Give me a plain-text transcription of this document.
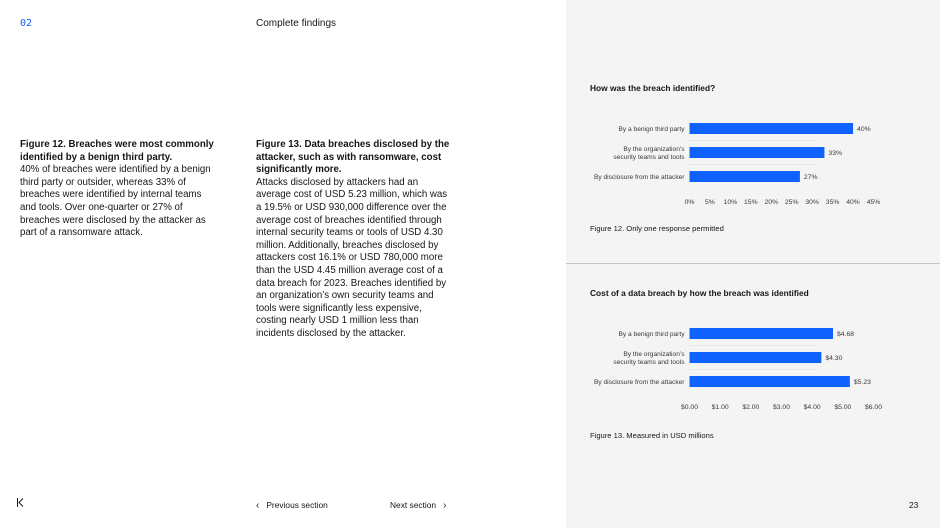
02	Complete findings
Figure 12. Breaches were most commonly identified by a benign third party.
40% of breaches were identified by a benign third party or outsider, whereas 33% of breaches were identified by internal teams and tools. Over one-quarter or 27% of breaches were disclosed by the attacker as part of a ransomware attack.
Figure 13. Data breaches disclosed by the attacker, such as with ransomware, cost significantly more.
Attacks disclosed by attackers had an average cost of USD 5.23 million, which was a 19.5% or USD 930,000 difference over the average cost of breaches identified through internal security teams or tools of USD 4.30 million. Additionally, breaches disclosed by attackers cost 16.1% or USD 780,000 more than the USD 4.45 million average cost of a data breach for 2023. Breaches identified by an organization’s own security teams and tools were significantly less expensive, costing nearly USD 1 million less than incidents disclosed by the attacker.
How was the breach identified?
By a benign third party	40%
By the organization’s
security teams and tools
33%
By disclosure from the attacker	27%
0% 5% 10% 15% 20% 25% 30% 35% 40% 45%
Figure 12. Only one response permitted
Cost of a data breach by how the breach was identified
By a benign third party	$4.68
By the organization’s
security teams and tools
$4.30
By disclosure from the attacker	$5.23
$0.00 $1.00 $2.00 $3.00 $4.00 $5.00 $6.00
Figure 13. Measured in USD millions
‹ Previous section	Next section ›	23
